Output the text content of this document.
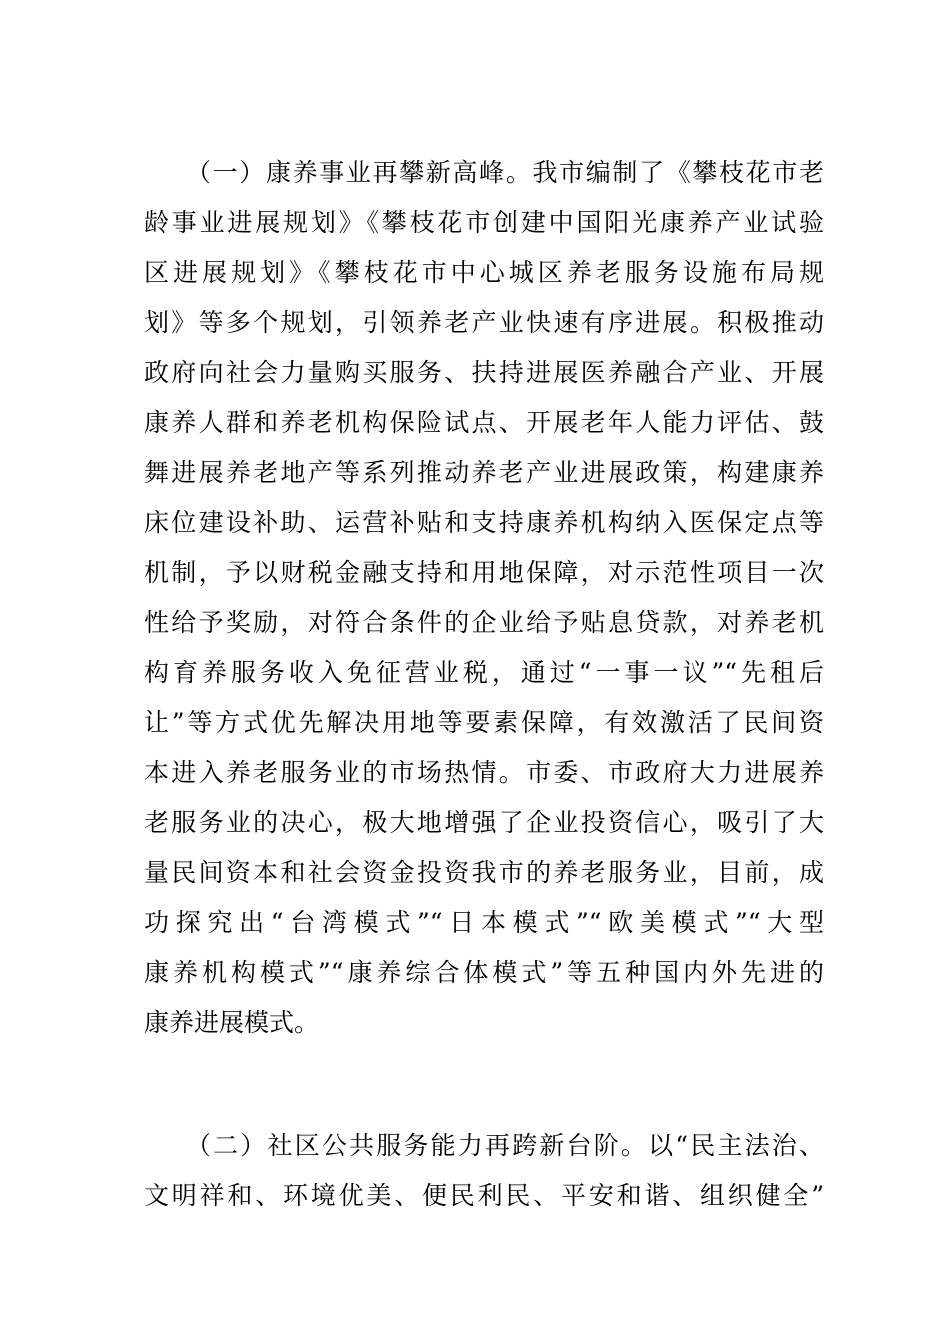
（一）康养事业再攀新高峰。我市编制了《攀枝花市老
龄事业进展规划》《攀枝花市创建中国阳光康养产业试验
区进展规划》《攀枝花市中心城区养老服务设施布局规
划》等多个规划，引领养老产业快速有序进展。积极推动
政府向社会力量购买服务、扶持进展医养融合产业、开展
康养人群和养老机构保险试点、开展老年人能力评估、鼓
舞进展养老地产等系列推动养老产业进展政策，构建康养
床位建设补助、运营补贴和支持康养机构纳入医保定点等
机制，予以财税金融支持和用地保障，对示范性项目一次
性给予奖励，对符合条件的企业给予贴息贷款，对养老机
构育养服务收入免征营业税，通过“一事一议”“先租后
让”等方式优先解决用地等要素保障，有效激活了民间资
本进入养老服务业的市场热情。市委、市政府大力进展养
老服务业的决心，极大地增强了企业投资信心，吸引了大
量民间资本和社会资金投资我市的养老服务业，目前，成
功探究出“台湾模式”“日本模式”“欧美模式”“大型
康养机构模式”“康养综合体模式”等五种国内外先进的
康养进展模式。
（二）社区公共服务能力再跨新台阶。以“民主法治、
文明祥和、环境优美、便民利民、平安和谐、组织健全”
